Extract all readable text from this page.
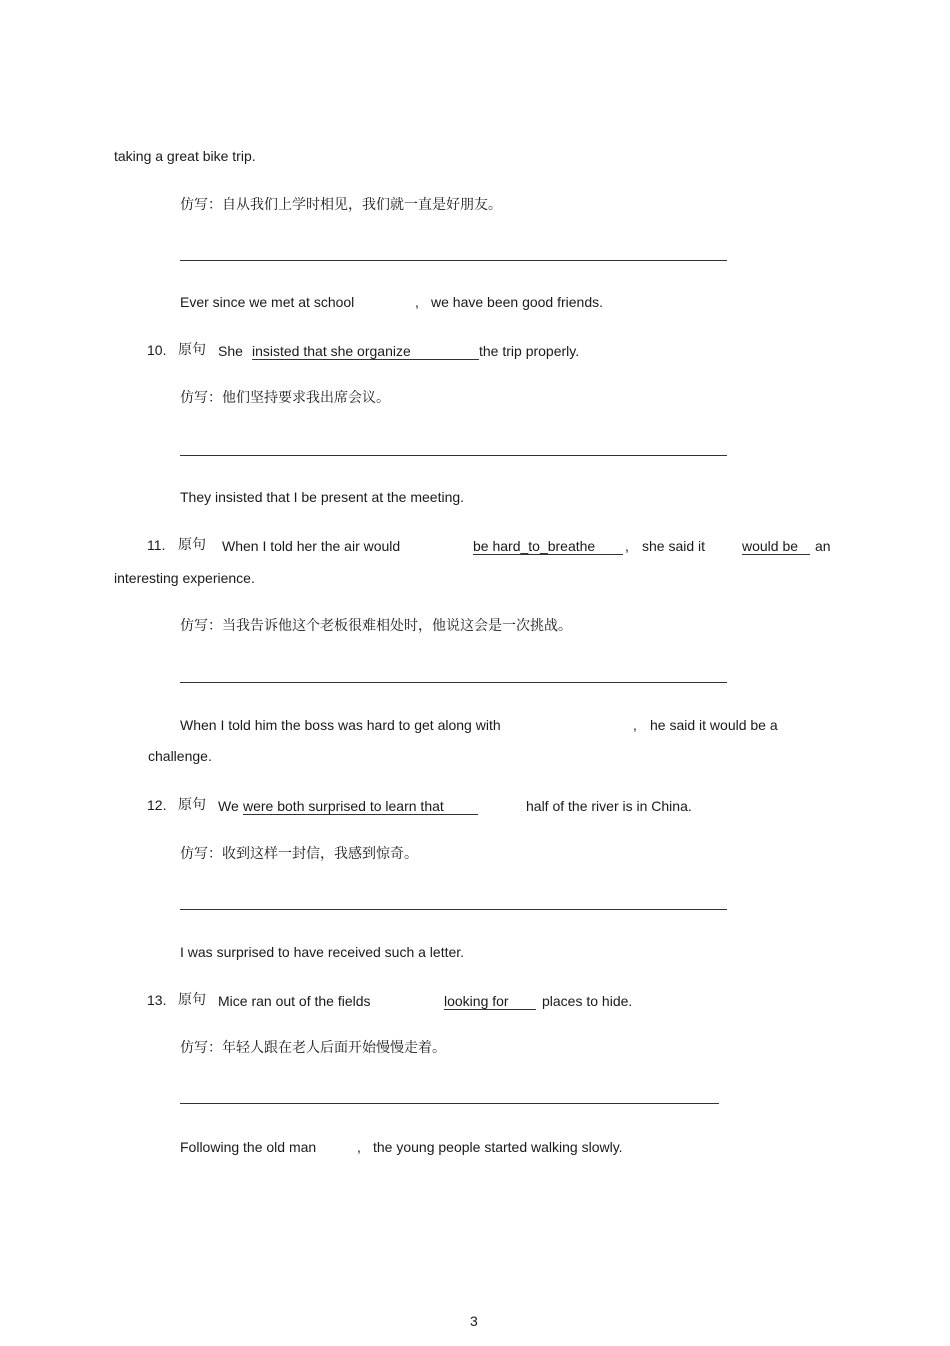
taking a great bike trip.
仿写：自从我们上学时相见，我们就一直是好朋友。
Ever since we met at school	, we have been good friends.
10. 原句 She insisted that she organize	the trip properly.
仿写：他们坚持要求我出席会议。
They insisted that I be present at the meeting.
11. 原句 When I told her the air would	be hard_to_breathe	, she said it	would be	an
interesting experience.
仿写：当我告诉他这个老板很难相处时，他说这会是一次挑战。
When I told him the boss was hard to get along with	, he said it would be a
challenge.
12. 原句 We were both surprised to learn that	half of the river is in China.
仿写：收到这样一封信，我感到惊奇。
I was surprised to have received such a letter.
13. 原句 Mice ran out of the fields	looking for	places to hide.
仿写：年轻人跟在老人后面开始慢慢走着。
Following the old man	, the young people started walking slowly.
3
